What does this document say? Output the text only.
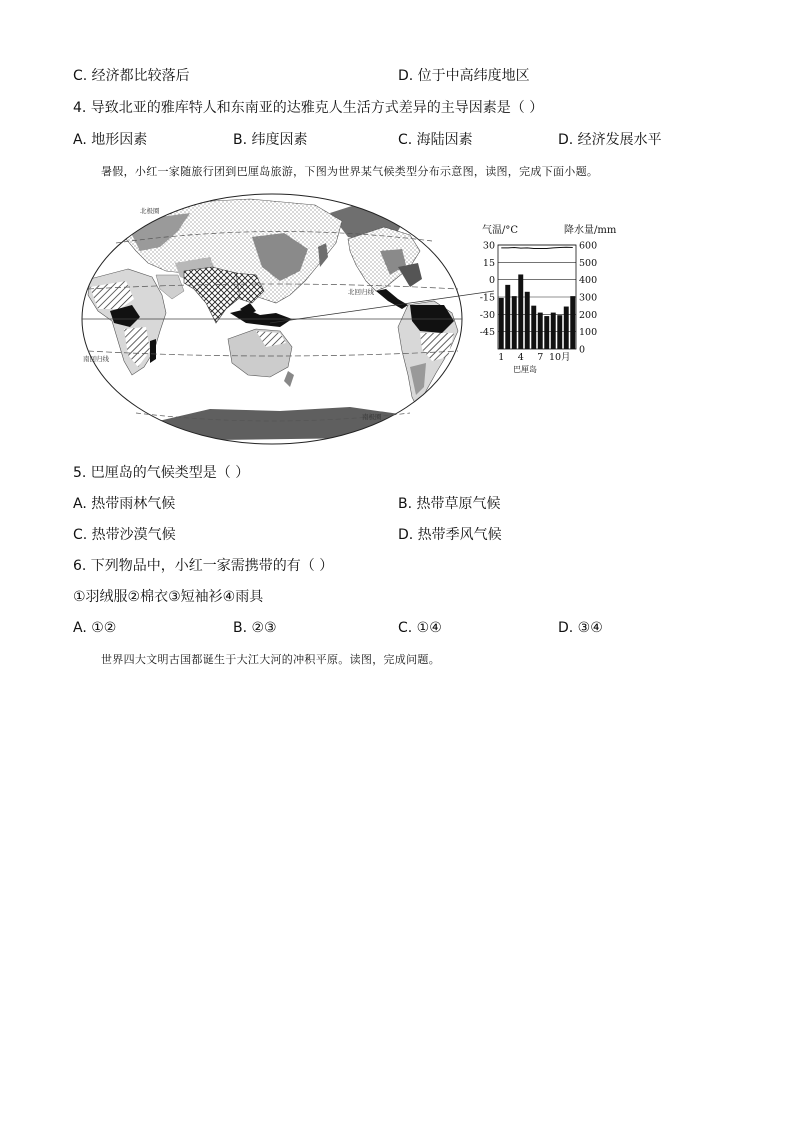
C. 经济都比较落后	D. 位于中高纬度地区
4. 导致北亚的雅库特人和东南亚的达雅克人生活方式差异的主导因素是（ ）
A. 地形因素	B. 纬度因素	C. 海陆因素	D. 经济发展水平
暑假，小红一家随旅行团到巴厘岛旅游，下图为世界某气候类型分布示意图，读图，完成下面小题。
北极圈
北回归线
南回归线
南极圈
气温/°C	降水量/mm
30
15
0
-15
-30
-45
600
500
400
300
200
100
0
1 4 7 10月
巴厘岛
5. 巴厘岛的气候类型是（ ）
A. 热带雨林气候	B. 热带草原气候
C. 热带沙漠气候	D. 热带季风气候
6. 下列物品中，小红一家需携带的有（ ）
①羽绒服②棉衣③短袖衫④雨具
A. ①②	B. ②③	C. ①④	D. ③④
世界四大文明古国都诞生于大江大河的冲积平原。读图，完成问题。
